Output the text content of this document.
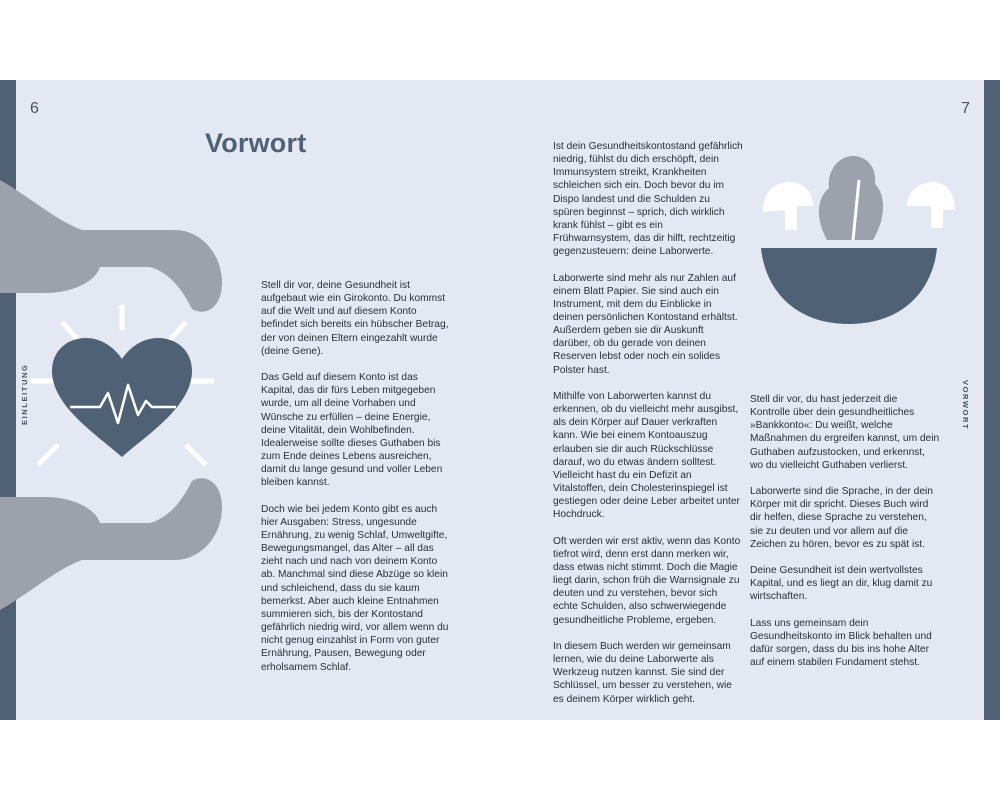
6	7
EINLEITUNG	VORWORT
Vorwort

Stell dir vor, deine Gesundheit ist aufgebaut wie ein Girokonto. Du kommst auf die Welt und auf diesem Konto befindet sich bereits ein hübscher Betrag, der von deinen Eltern eingezahlt wurde (deine Gene).

Das Geld auf diesem Konto ist das Kapital, das dir fürs Leben mitgegeben wurde, um all deine Vorhaben und Wünsche zu erfüllen – deine Energie, deine Vitalität, dein Wohlbefinden. Idealerweise sollte dieses Guthaben bis zum Ende deines Lebens ausreichen, damit du lange gesund und voller Leben bleiben kannst.

Doch wie bei jedem Konto gibt es auch hier Ausgaben: Stress, ungesunde Ernährung, zu wenig Schlaf, Umweltgifte, Bewegungsmangel, das Alter – all das zieht nach und nach von deinem Konto ab. Manchmal sind diese Abzüge so klein und schleichend, dass du sie kaum bemerkst. Aber auch kleine Entnahmen summieren sich, bis der Kontostand gefährlich niedrig wird, vor allem wenn du nicht genug einzahlst in Form von guter Ernährung, Pausen, Bewegung oder erholsamem Schlaf.

Ist dein Gesundheitskontostand gefährlich niedrig, fühlst du dich erschöpft, dein Immunsystem streikt, Krankheiten schleichen sich ein. Doch bevor du im Dispo landest und die Schulden zu spüren beginnst – sprich, dich wirklich krank fühlst – gibt es ein Frühwarnsystem, das dir hilft, rechtzeitig gegenzusteuern: deine Laborwerte.

Laborwerte sind mehr als nur Zahlen auf einem Blatt Papier. Sie sind auch ein Instrument, mit dem du Einblicke in deinen persönlichen Kontostand erhältst. Außerdem geben sie dir Auskunft darüber, ob du gerade von deinen Reserven lebst oder noch ein solides Polster hast.

Mithilfe von Laborwerten kannst du erkennen, ob du vielleicht mehr ausgibst, als dein Körper auf Dauer verkraften kann. Wie bei einem Kontoauszug erlauben sie dir auch Rückschlüsse darauf, wo du etwas ändern solltest. Vielleicht hast du ein Defizit an Vitalstoffen, dein Cholesterinspiegel ist gestiegen oder deine Leber arbeitet unter Hochdruck.

Oft werden wir erst aktiv, wenn das Konto tiefrot wird, denn erst dann merken wir, dass etwas nicht stimmt. Doch die Magie liegt darin, schon früh die Warnsignale zu deuten und zu verstehen, bevor sich echte Schulden, also schwerwiegende gesundheitliche Probleme, ergeben.

In diesem Buch werden wir gemeinsam lernen, wie du deine Laborwerte als Werkzeug nutzen kannst. Sie sind der Schlüssel, um besser zu verstehen, wie es deinem Körper wirklich geht.

Stell dir vor, du hast jederzeit die Kontrolle über dein gesundheitliches »Bankkonto«: Du weißt, welche Maßnahmen du ergreifen kannst, um dein Guthaben aufzustocken, und erkennst, wo du vielleicht Guthaben verlierst.

Laborwerte sind die Sprache, in der dein Körper mit dir spricht. Dieses Buch wird dir helfen, diese Sprache zu verstehen, sie zu deuten und vor allem auf die Zeichen zu hören, bevor es zu spät ist.

Deine Gesundheit ist dein wertvollstes Kapital, und es liegt an dir, klug damit zu wirtschaften.

Lass uns gemeinsam dein Gesundheitskonto im Blick behalten und dafür sorgen, dass du bis ins hohe Alter auf einem stabilen Fundament stehst.
